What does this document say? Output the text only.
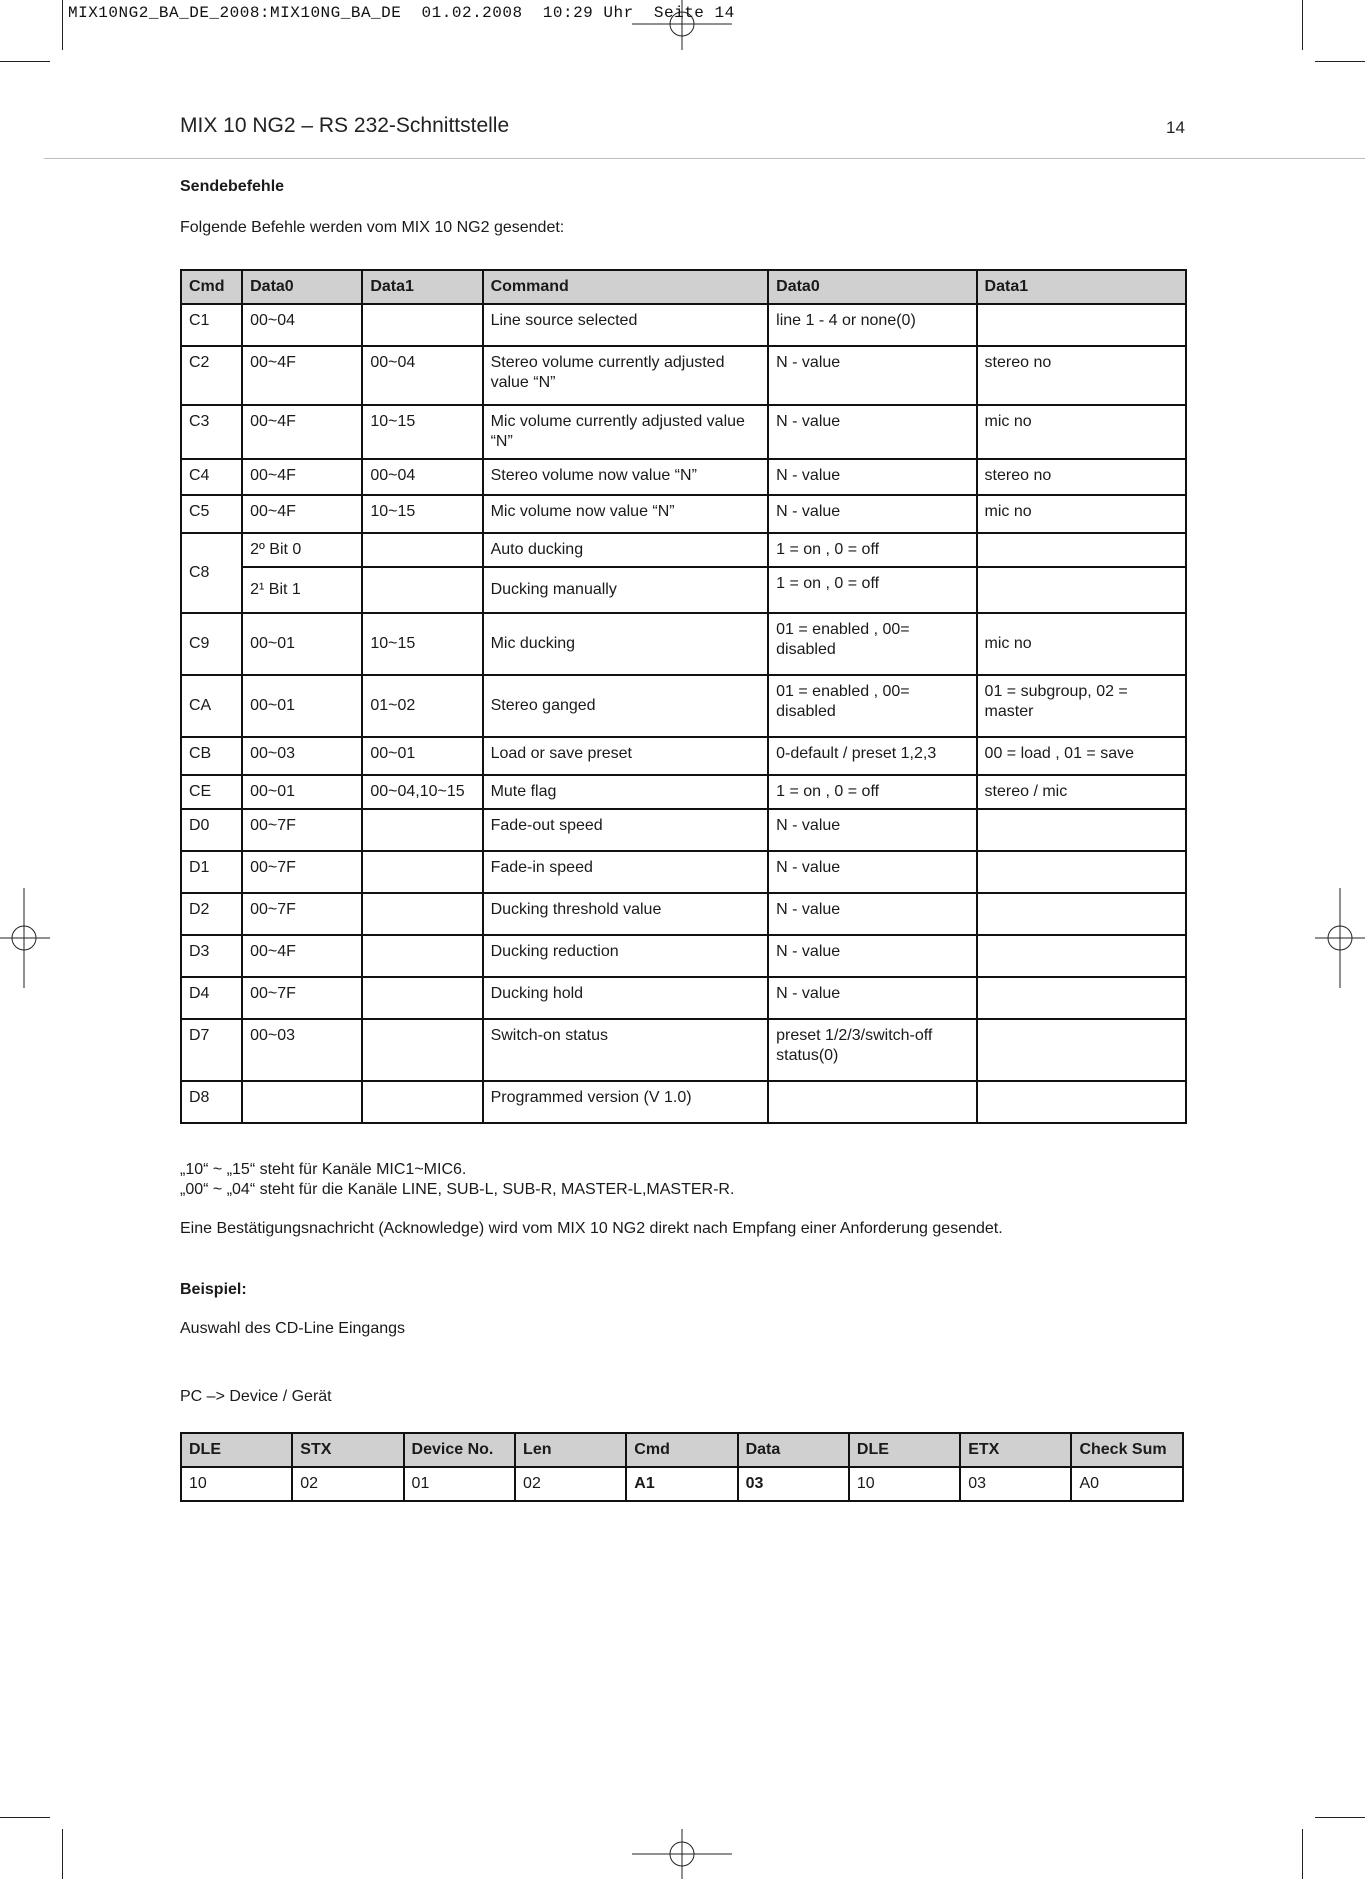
MIX10NG2_BA_DE_2008:MIX10NG_BA_DE  01.02.2008  10:29 Uhr  Seite 14
MIX 10 NG2 – RS 232-Schnittstelle	14
Sendebefehle
Folgende Befehle werden vom MIX 10 NG2 gesendet:
Cmd	Data0	Data1	Command	Data0	Data1
C1	00~04		Line source selected	line 1 - 4 or none(0)	
C2	00~4F	00~04	Stereo volume currently adjusted value “N”	N - value	stereo no
C3	00~4F	10~15	Mic volume currently adjusted value “N”	N - value	mic no
C4	00~4F	00~04	Stereo volume now value “N”	N - value	stereo no
C5	00~4F	10~15	Mic volume now value “N”	N - value	mic no
C8	2º Bit 0		Auto ducking	1 = on , 0 = off	
	2¹ Bit 1		Ducking manually	1 = on , 0 = off	
C9	00~01	10~15	Mic ducking	01 = enabled , 00= disabled	mic no
CA	00~01	01~02	Stereo ganged	01 = enabled , 00= disabled	01 = subgroup, 02 = master
CB	00~03	00~01	Load or save preset	0-default / preset 1,2,3	00 = load , 01 = save
CE	00~01	00~04,10~15	Mute flag	1 = on , 0 = off	stereo / mic
D0	00~7F		Fade-out speed	N - value	
D1	00~7F		Fade-in speed	N - value	
D2	00~7F		Ducking threshold value	N - value	
D3	00~4F		Ducking reduction	N - value	
D4	00~7F		Ducking hold	N - value	
D7	00~03		Switch-on status	preset 1/2/3/switch-off status(0)	
D8			Programmed version (V 1.0)		
„10“ ~ „15“ steht für Kanäle MIC1~MIC6.
„00“ ~ „04“ steht für die Kanäle LINE, SUB-L, SUB-R, MASTER-L,MASTER-R.
Eine Bestätigungsnachricht (Acknowledge) wird vom MIX 10 NG2 direkt nach Empfang einer Anforderung gesendet.
Beispiel:
Auswahl des CD-Line Eingangs
PC –> Device / Gerät
DLE	STX	Device No.	Len	Cmd	Data	DLE	ETX	Check Sum
10	02	01	02	A1	03	10	03	A0
